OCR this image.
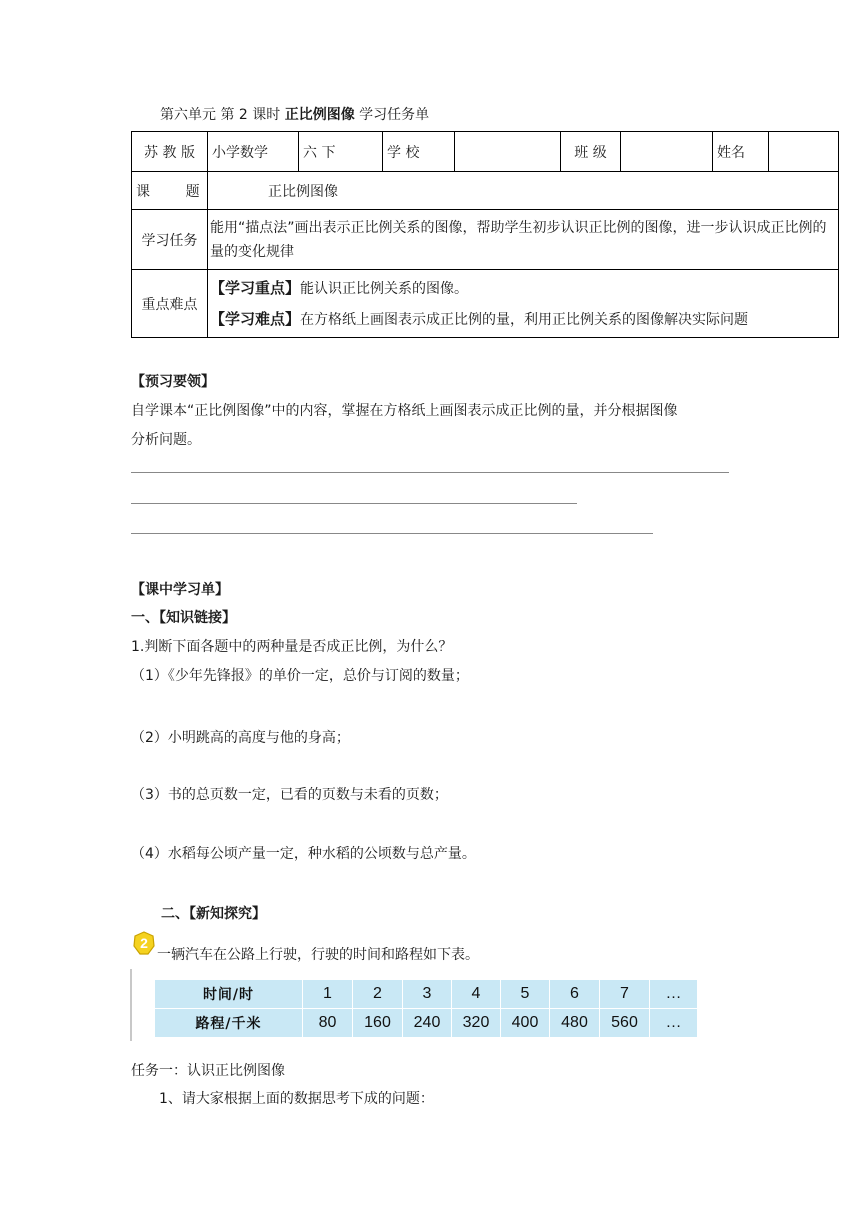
第六单元 第 2 课时 正比例图像 学习任务单
苏 教 版	小学数学	六 下	学 校		班 级		姓名	
课        题	正比例图像							
学习任务	能用“描点法”画出表示正比例关系的图像，帮助学生初步认识正比例的图像，进一步认识成正比例的量的变化规律							
重点难点	【学习重点】能认识正比例关系的图像。
【学习难点】在方格纸上画图表示成正比例的量，利用正比例关系的图像解决实际问题							
【预习要领】
自学课本“正比例图像”中的内容，掌握在方格纸上画图表示成正比例的量，并分根据图像
分析问题。
【课中学习单】
一、【知识链接】
1.判断下面各题中的两种量是否成正比例，为什么？
（1）《少年先锋报》的单价一定，总价与订阅的数量；
（2）小明跳高的高度与他的身高；
（3）书的总页数一定，已看的页数与未看的页数；
（4）水稻每公顷产量一定，种水稻的公顷数与总产量。
二、【新知探究】
2
一辆汽车在公路上行驶，行驶的时间和路程如下表。
时间/时	1	2	3	4	5	6	7	…
路程/千米	80	160	240	320	400	480	560	…
任务一：认识正比例图像
1、请大家根据上面的数据思考下成的问题：
